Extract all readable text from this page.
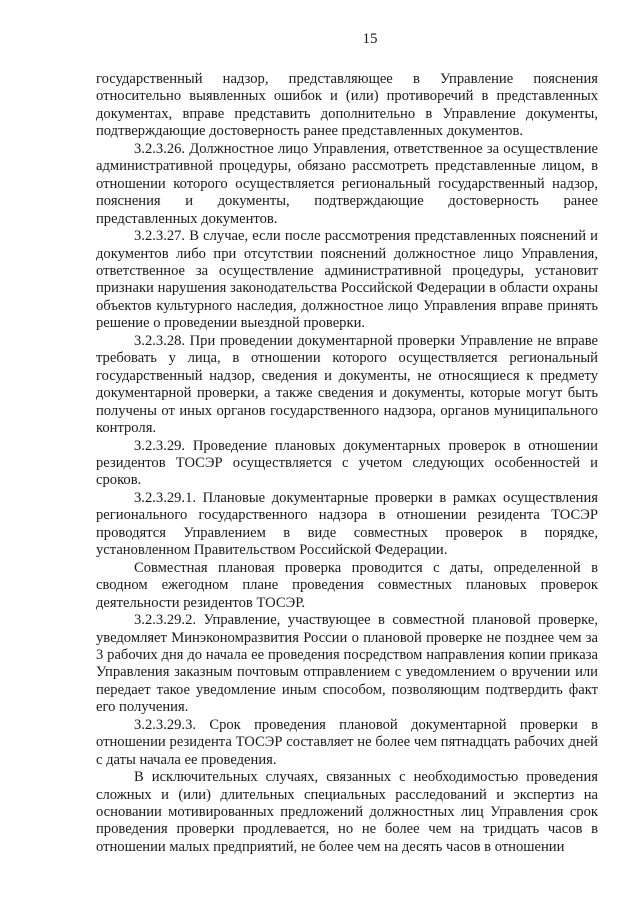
15

государственный надзор, представляющее в Управление пояснения относительно выявленных ошибок и (или) противоречий в представленных документах, вправе представить дополнительно в Управление документы, подтверждающие достоверность ранее представленных документов.

3.2.3.26. Должностное лицо Управления, ответственное за осуществление административной процедуры, обязано рассмотреть представленные лицом, в отношении которого осуществляется региональный государственный надзор, пояснения и документы, подтверждающие достоверность ранее представленных документов.

3.2.3.27. В случае, если после рассмотрения представленных пояснений и документов либо при отсутствии пояснений должностное лицо Управления, ответственное за осуществление административной процедуры, установит признаки нарушения законодательства Российской Федерации в области охраны объектов культурного наследия, должностное лицо Управления вправе принять решение о проведении выездной проверки.

3.2.3.28. При проведении документарной проверки Управление не вправе требовать у лица, в отношении которого осуществляется региональный государственный надзор, сведения и документы, не относящиеся к предмету документарной проверки, а также сведения и документы, которые могут быть получены от иных органов государственного надзора, органов муниципального контроля.

3.2.3.29. Проведение плановых документарных проверок в отношении резидентов ТОСЭР осуществляется с учетом следующих особенностей и сроков.

3.2.3.29.1. Плановые документарные проверки в рамках осуществления регионального государственного надзора в отношении резидента ТОСЭР проводятся Управлением в виде совместных проверок в порядке, установленном Правительством Российской Федерации.

Совместная плановая проверка проводится с даты, определенной в сводном ежегодном плане проведения совместных плановых проверок деятельности резидентов ТОСЭР.

3.2.3.29.2. Управление, участвующее в совместной плановой проверке, уведомляет Минэкономразвития России о плановой проверке не позднее чем за 3 рабочих дня до начала ее проведения посредством направления копии приказа Управления заказным почтовым отправлением с уведомлением о вручении или передает такое уведомление иным способом, позволяющим подтвердить факт его получения.

3.2.3.29.3. Срок проведения плановой документарной проверки в отношении резидента ТОСЭР составляет не более чем пятнадцать рабочих дней с даты начала ее проведения.

В исключительных случаях, связанных с необходимостью проведения сложных и (или) длительных специальных расследований и экспертиз на основании мотивированных предложений должностных лиц Управления срок проведения проверки продлевается, но не более чем на тридцать часов в отношении малых предприятий, не более чем на десять часов в отношении
